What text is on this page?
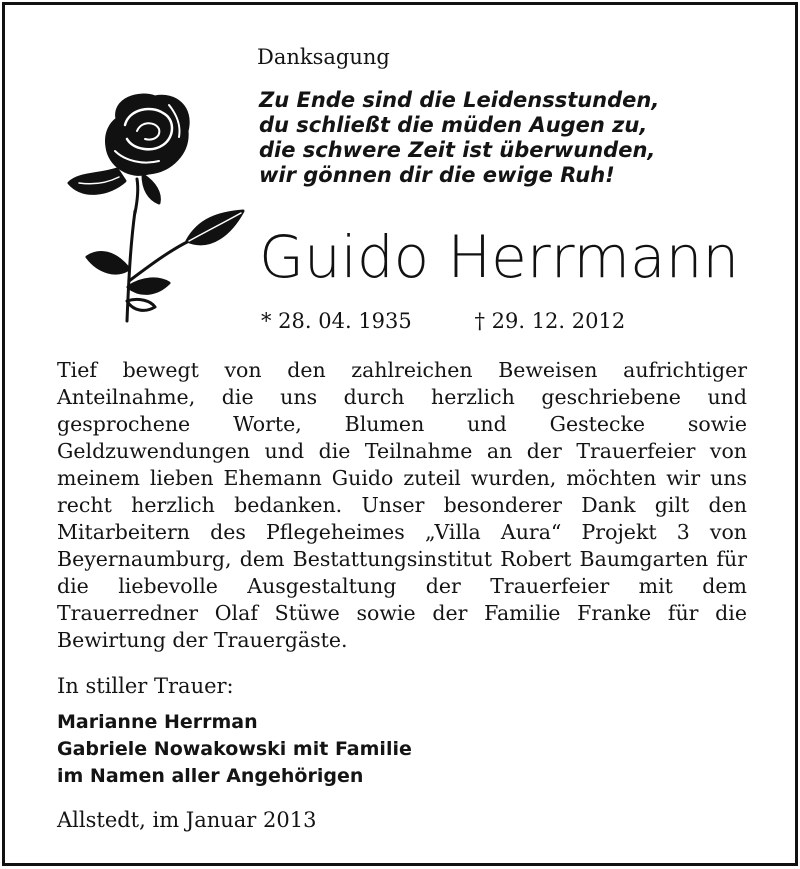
Danksagung
Zu Ende sind die Leidensstunden,
du schließt die müden Augen zu,
die schwere Zeit ist überwunden,
wir gönnen dir die ewige Ruh!
Guido Herrmann
* 28. 04. 1935	† 29. 12. 2012
Tief bewegt von den zahlreichen Beweisen aufrichtiger Anteilnahme, die uns durch herzlich geschriebene und gesprochene Worte, Blumen und Gestecke sowie Geldzuwendungen und die Teilnahme an der Trauerfeier von meinem lieben Ehemann Guido zuteil wurden, möchten wir uns recht herzlich bedanken. Unser besonderer Dank gilt den Mitarbeitern des Pflegeheimes „Villa Aura“ Projekt 3 von Beyernaumburg, dem Bestattungsinstitut Robert Baumgarten für die liebevolle Ausgestaltung der Trauerfeier mit dem Trauerredner Olaf Stüwe sowie der Familie Franke für die Bewirtung der Trauergäste.
In stiller Trauer:
Marianne Herrman
Gabriele Nowakowski mit Familie
im Namen aller Angehörigen
Allstedt, im Januar 2013
